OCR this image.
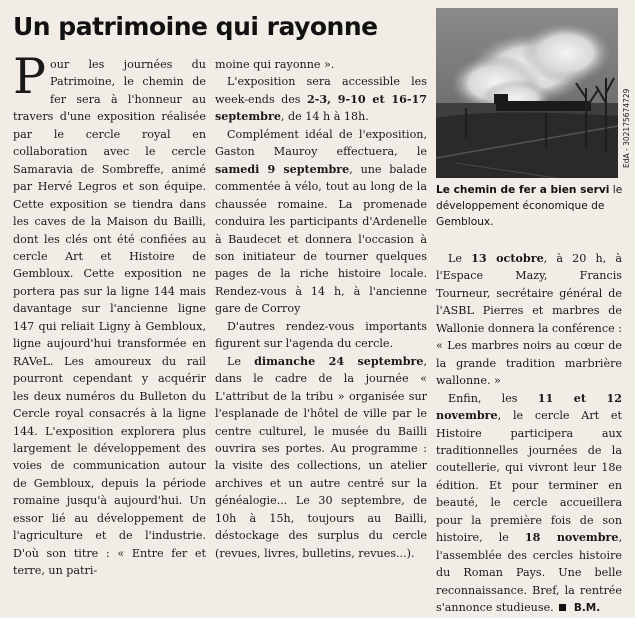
Un patrimoine qui rayonne

Pour les journées du Patrimoine, le chemin de fer sera à l'honneur au travers d'une exposition réalisée par le cercle royal en collaboration avec le cercle Samaravia de Sombreffe, animé par Hervé Legros et son équipe. Cette exposition se tiendra dans les caves de la Maison du Bailli, dont les clés ont été confiées au cercle Art et Histoire de Gembloux. Cette exposition ne portera pas sur la ligne 144 mais davantage sur l'ancienne ligne 147 qui reliait Ligny à Gembloux, ligne aujourd'hui transformée en RAVeL. Les amoureux du rail pourront cependant y acquérir les deux numéros du Bulleton du Cercle royal consacrés à la ligne 144. L'exposition explorera plus largement le développement des voies de communication autour de Gembloux, depuis la période romaine jusqu'à aujourd'hui. Un essor lié au développement de l'agriculture et de l'industrie. D'où son titre : « Entre fer et terre, un patri-

moine qui rayonne ».

L'exposition sera accessible les week-ends des 2-3, 9-10 et 16-17 septembre, de 14 h à 18h.

Complément idéal de l'exposition, Gaston Mauroy effectuera, le samedi 9 septembre, une balade commentée à vélo, tout au long de la chaussée romaine. La promenade conduira les participants d'Ardenelle à Baudecet et donnera l'occasion à son initiateur de tourner quelques pages de la riche histoire locale. Rendez-vous à 14 h, à l'ancienne gare de Corroy

D'autres rendez-vous importants figurent sur l'agenda du cercle.

Le dimanche 24 septembre, dans le cadre de la journée « L'attribut de la tribu » organisée sur l'esplanade de l'hôtel de ville par le centre culturel, le musée du Bailli ouvrira ses portes. Au programme : la visite des collections, un atelier archives et un autre centré sur la généalogie... Le 30 septembre, de 10h à 15h, toujours au Bailli, déstockage des surplus du cercle (revues, livres, bulletins, revues...).

EdA - 302175674729

Le chemin de fer a bien servi le développement économique de Gembloux.

Le 13 octobre, à 20 h, à l'Espace Mazy, Francis Tourneur, secrétaire général de l'ASBL Pierres et marbres de Wallonie donnera la conférence : « Les marbres noirs au cœur de la grande tradition marbrière wallonne. »

Enfin, les 11 et 12 novembre, le cercle Art et Histoire participera aux traditionnelles journées de la coutellerie, qui vivront leur 18e édition. Et pour terminer en beauté, le cercle accueillera pour la première fois de son histoire, le 18 novembre, l'assemblée des cercles histoire du Roman Pays. Une belle reconnaissance. Bref, la rentrée s'annonce studieuse. B.M.
